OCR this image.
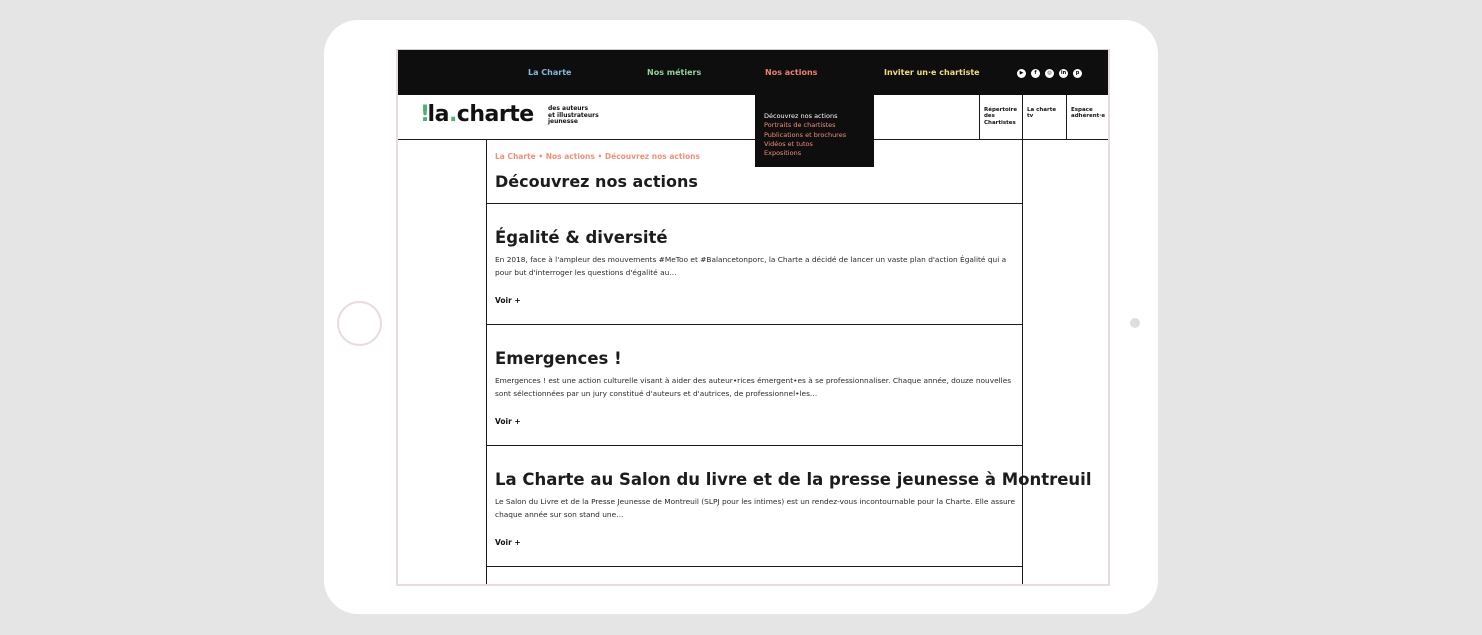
La Charte	Nos métiers	Nos actions	Inviter un·e chartiste	▶	f	◎	in	p
!la.charte des auteurs
et illustrateurs
jeunesse
Répertoire
des
Chartistes
La charte
tv
Espace
adhérent·e
La Charte • Nos actions • Découvrez nos actions
Découvrez nos actions
Égalité & diversité
En 2018, face à l'ampleur des mouvements #MeToo et #Balancetonporc, la Charte a décidé de lancer un vaste plan d'action Égalité qui a pour but d'interroger les questions d'égalité au…
Voir +
Emergences !
Emergences ! est une action culturelle visant à aider des auteur•rices émergent•es à se professionnaliser. Chaque année, douze nouvelles sont sélectionnées par un jury constitué d'auteurs et d'autrices, de professionnel•les…
Voir +
La Charte au Salon du livre et de la presse jeunesse à Montreuil
Le Salon du Livre et de la Presse Jeunesse de Montreuil (SLPJ pour les intimes) est un rendez-vous incontournable pour la Charte. Elle assure chaque année sur son stand une…
Voir +
Découvrez nos actions
Portraits de chartistes
Publications et brochures
Vidéos et tutos
Expositions
